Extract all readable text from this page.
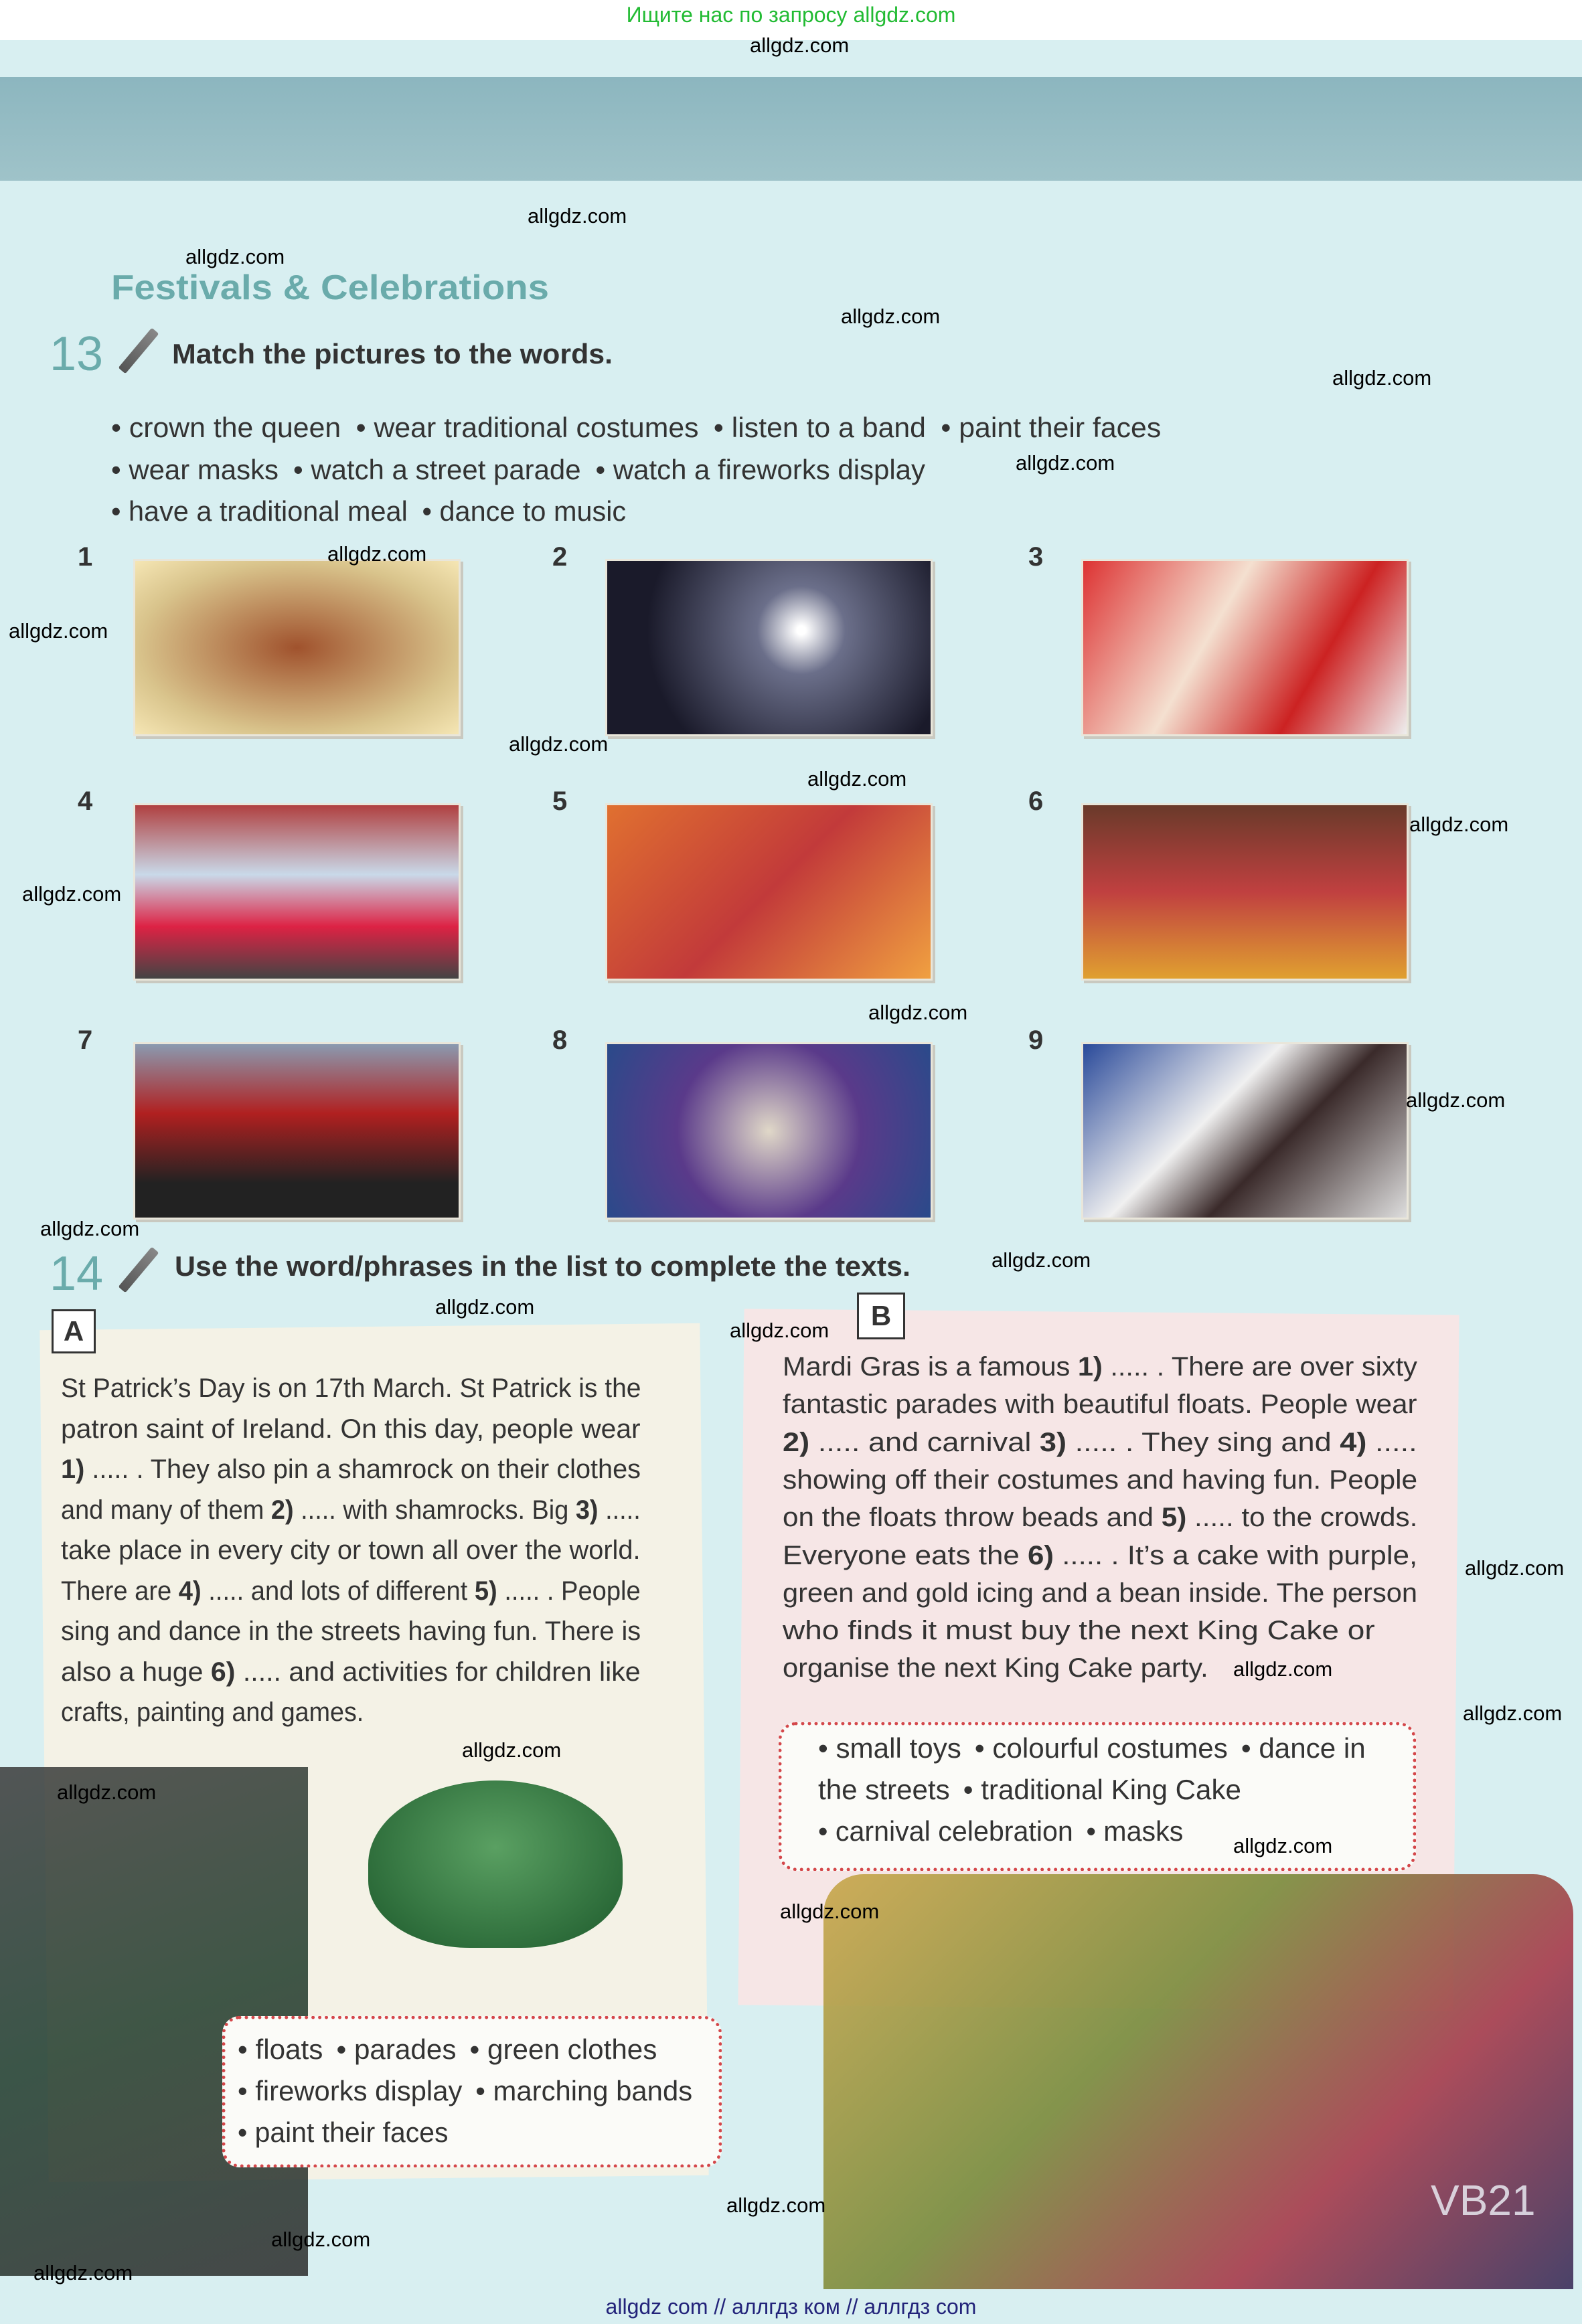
Ищите нас по запросу allgdz.com
Festivals & Celebrations
13 Match the pictures to the words.
• crown the queen • wear traditional costumes • listen to a band • paint their faces
• wear masks • watch a street parade • watch a fireworks display
• have a traditional meal • dance to music
1	2	3
4	5	6
7	8	9
14	Use the word/phrases in the list to complete the texts.
A	B
St Patrick’s Day is on 17th March. St Patrick is the
patron saint of Ireland. On this day, people wear
1) ..... . They also pin a shamrock on their clothes
and many of them 2) ..... with shamrocks. Big 3) .....
take place in every city or town all over the world.
There are 4) ..... and lots of different 5) ..... . People
sing and dance in the streets having fun. There is
also a huge 6) ..... and activities for children like
crafts, painting and games.
Mardi Gras is a famous 1) ..... . There are over sixty
fantastic parades with beautiful floats. People wear
2) ..... and carnival 3) ..... . They sing and 4) .....
showing off their costumes and having fun. People
on the floats throw beads and 5) ..... to the crowds.
Everyone eats the 6) ..... . It’s a cake with purple,
green and gold icing and a bean inside. The person
who finds it must buy the next King Cake or
organise the next King Cake party.
• floats • parades • green clothes
• fireworks display • marching bands
• paint their faces
• small toys • colourful costumes • dance in
the streets • traditional King Cake
• carnival celebration • masks
VB21
allgdz.com
allgdz.com
allgdz.com
allgdz.com
allgdz.com
allgdz.com
allgdz.com
allgdz.com
allgdz.com
allgdz.com
allgdz.com
allgdz.com
allgdz.com
allgdz.com
allgdz.com
allgdz.com
allgdz.com
allgdz.com
allgdz.com
allgdz.com
allgdz.com
allgdz.com
allgdz.com
allgdz.com
allgdz.com
allgdz.com
allgdz.com
allgdz.com
allgdz com // аллгдз ком // аллгдз com
